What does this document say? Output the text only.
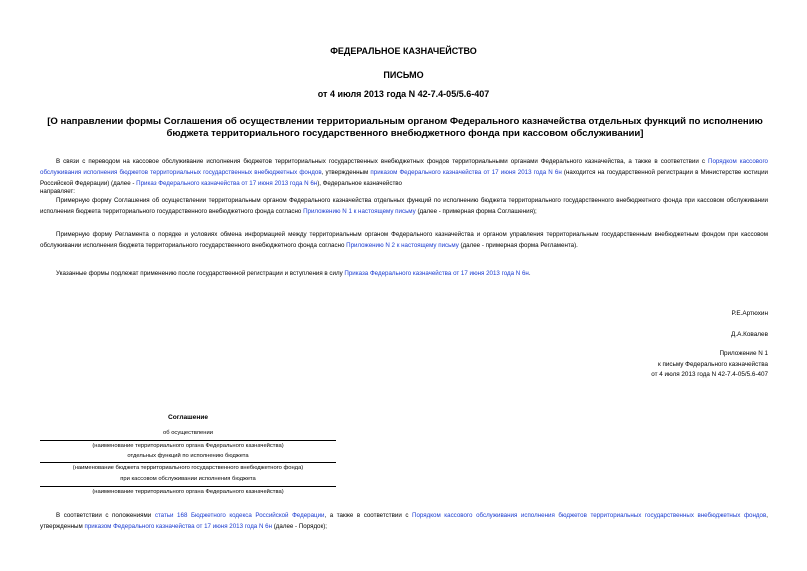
ФЕДЕРАЛЬНОЕ КАЗНАЧЕЙСТВО
ПИСЬМО
от 4 июля 2013 года N 42-7.4-05/5.6-407
[О направлении формы Соглашения об осуществлении территориальным органом Федерального казначейства отдельных функций по исполнению бюджета территориального государственного внебюджетного фонда при кассовом обслуживании]
В связи с переводом на кассовое обслуживание исполнения бюджетов территориальных государственных внебюджетных фондов территориальными органами Федерального казначейства, а также в соответствии с Порядком кассового обслуживания исполнения бюджетов территориальных государственных внебюджетных фондов, утвержденным приказом Федерального казначейства от 17 июня 2013 года N 6н (находится на государственной регистрации в Министерстве юстиции Российской Федерации) (далее - Приказ Федерального казначейства от 17 июня 2013 года N 6н), Федеральное казначейство
направляет:
Примерную форму Соглашения об осуществлении территориальным органом Федерального казначейства отдельных функций по исполнению бюджета территориального государственного внебюджетного фонда при кассовом обслуживании исполнения бюджета территориального государственного внебюджетного фонда согласно Приложению N 1 к настоящему письму (далее - примерная форма Соглашения);
Примерную форму Регламента о порядке и условиях обмена информацией между территориальным органом Федерального казначейства и органом управления территориальным государственным внебюджетным фондом при кассовом обслуживании исполнения бюджета территориального государственного внебюджетного фонда согласно Приложению N 2 к настоящему письму (далее - примерная форма Регламента).
Указанные формы подлежат применению после государственной регистрации и вступления в силу Приказа Федерального казначейства от 17 июня 2013 года N 6н.
Р.Е.Артюхин
Д.А.Ковалев
Приложение N 1
к письму Федерального казначейства
от 4 июля 2013 года N 42-7.4-05/5.6-407
Соглашение
об осуществлении
(наименование территориального органа Федерального казначейства)
отдельных функций по исполнению бюджета
(наименование бюджета территориального государственного внебюджетного фонда)
при кассовом обслуживании исполнения бюджета
(наименование территориального органа Федерального казначейства)
В соответствии с положениями статьи 168 Бюджетного кодекса Российской Федерации, а также в соответствии с Порядком кассового обслуживания исполнения бюджетов территориальных государственных внебюджетных фондов, утвержденным приказом Федерального казначейства от 17 июня 2013 года N 6н (далее - Порядок);
